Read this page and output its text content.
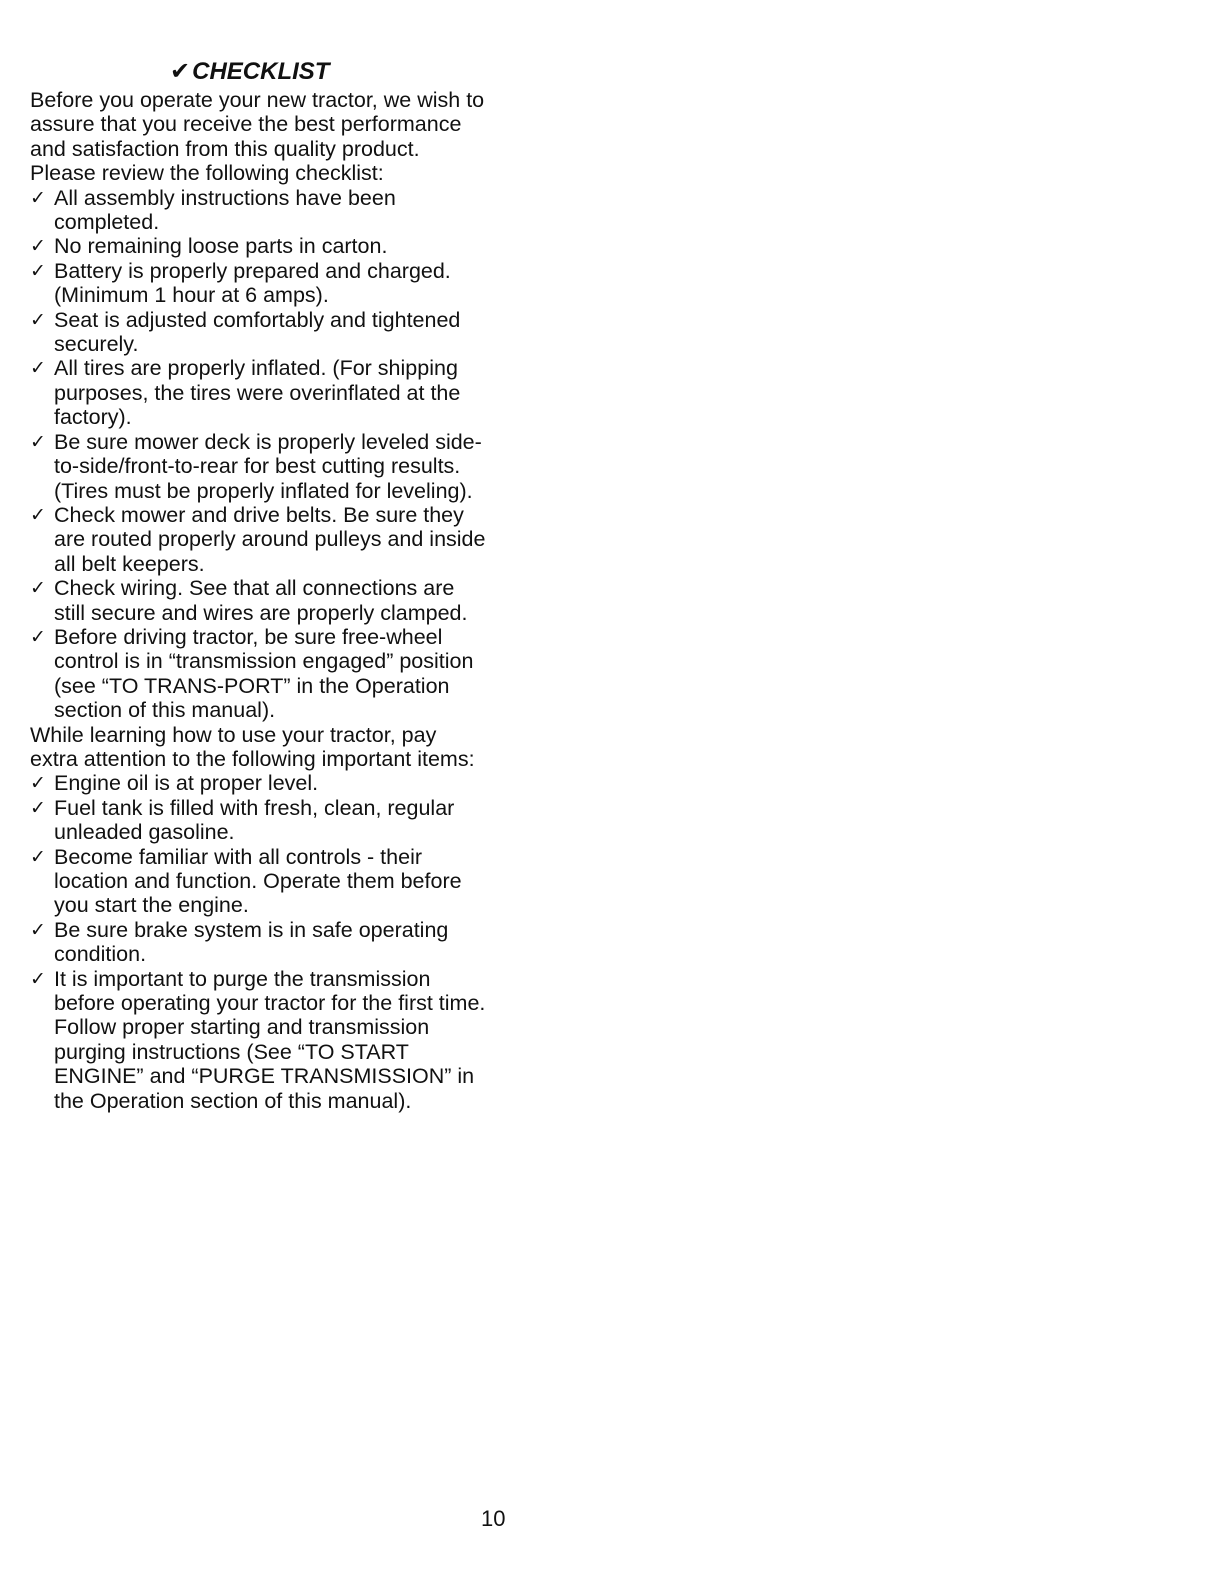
✔CHECKLIST

Before you operate your new tractor, we wish to assure that you receive the best performance and satisfaction from this quality product.

Please review the following checklist:

✓ All assembly instructions have been completed.
✓ No remaining loose parts in carton.
✓ Battery is properly prepared and charged. (Minimum 1 hour at 6 amps).
✓ Seat is adjusted comfortably and tightened securely.
✓ All tires are properly inflated. (For shipping purposes, the tires were overinflated at the factory).
✓ Be sure mower deck is properly leveled side-to-side/front-to-rear for best cutting results. (Tires must be properly inflated for leveling).
✓ Check mower and drive belts. Be sure they are routed properly around pulleys and inside all belt keepers.
✓ Check wiring. See that all connections are still secure and wires are properly clamped.
✓ Before driving tractor, be sure free-wheel control is in “transmission engaged” position (see “TO TRANS-PORT” in the Operation section of this manual).

While learning how to use your tractor, pay extra attention to the following important items:

✓ Engine oil is at proper level.
✓ Fuel tank is filled with fresh, clean, regular unleaded gasoline.
✓ Become familiar with all controls - their location and function. Operate them before you start the engine.
✓ Be sure brake system is in safe operating condition.
✓ It is important to purge the transmission before operating your tractor for the first time. Follow proper starting and transmission purging instructions (See “TO START ENGINE” and “PURGE TRANSMISSION” in the Operation section of this manual).
10
